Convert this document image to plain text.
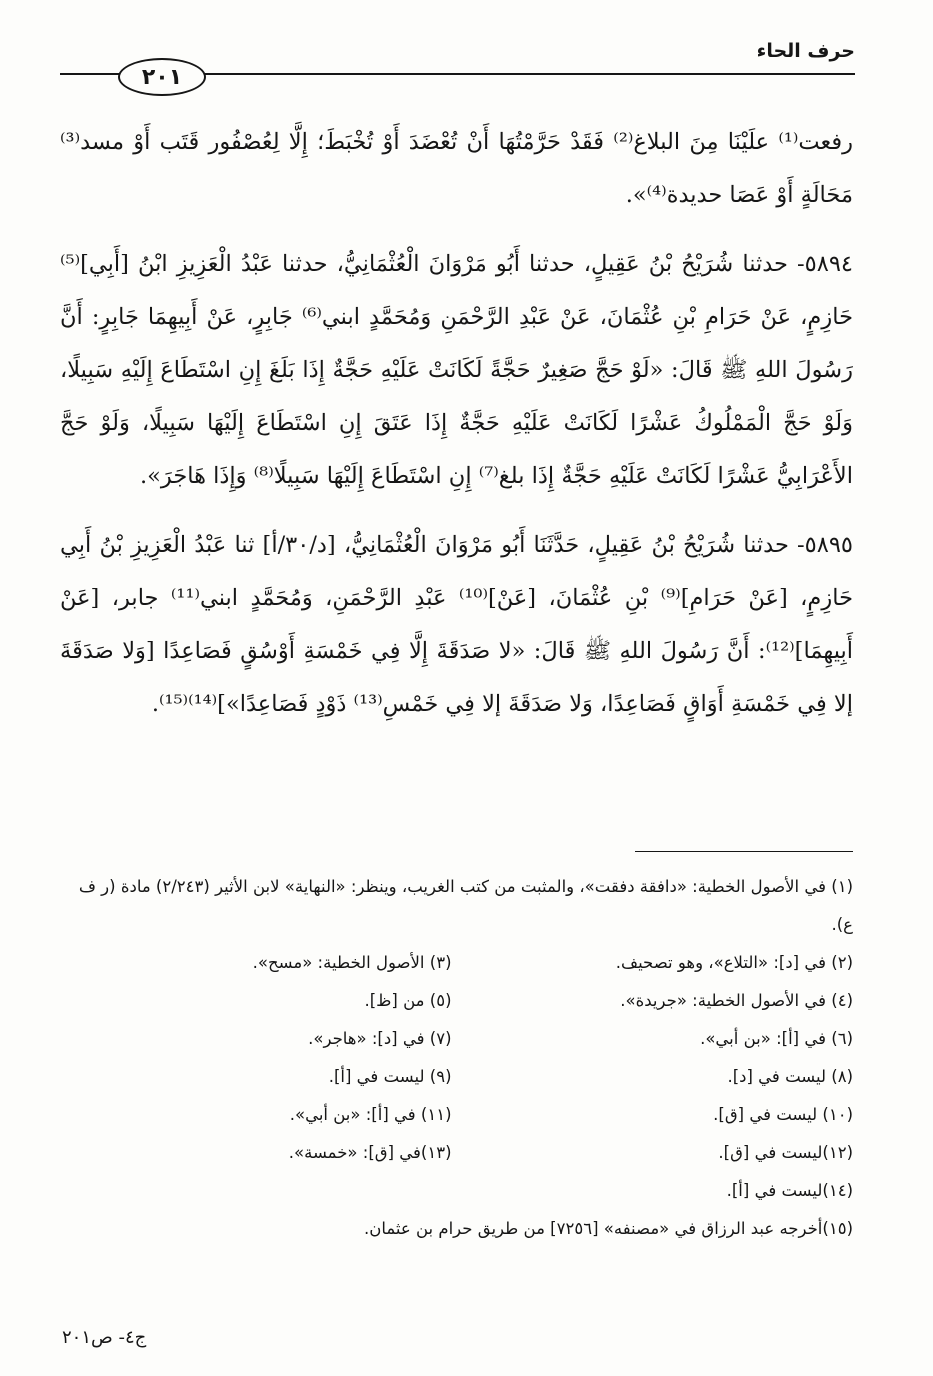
حرف الحاء
٢٠١

رفعت⁽¹⁾ علَيْنَا مِنَ البلاغ⁽²⁾ فَقَدْ حَرَّمْتُهَا أَنْ تُعْضَدَ أَوْ تُخْبَطَ؛ إِلَّا لِعُصْفُور قَتَب أَوْ مسد⁽³⁾ مَحَالَةٍ أَوْ عَصَا حديدة⁽⁴⁾».

٥٨٩٤- حدثنا شُرَيْحُ بْنُ عَقِيلٍ، حدثنا أَبُو مَرْوَانَ الْعُثْمَانِيُّ، حدثنا عَبْدُ الْعَزِيزِ ابْنُ [أَبِي]⁽⁵⁾ حَازِمٍ، عَنْ حَرَامِ بْنِ عُثْمَانَ، عَنْ عَبْدِ الرَّحْمَنِ وَمُحَمَّدٍ ابني⁽⁶⁾ جَابِرٍ، عَنْ أَبِيهِمَا جَابِرٍ: أَنَّ رَسُولَ اللهِ ﷺ قَالَ: «لَوْ حَجَّ صَغِيرٌ حَجَّةً لَكَانَتْ عَلَيْهِ حَجَّةٌ إِذَا بَلَغَ إِنِ اسْتَطَاعَ إِلَيْهِ سَبِيلًا، وَلَوْ حَجَّ الْمَمْلُوكُ عَشْرًا لَكَانَتْ عَلَيْهِ حَجَّةٌ إِذَا عَتَقَ إِنِ اسْتَطَاعَ إِلَيْهَا سَبِيلًا، وَلَوْ حَجَّ الأَعْرَابِيُّ عَشْرًا لَكَانَتْ عَلَيْهِ حَجَّةٌ إِذَا بلغ⁽⁷⁾ إِنِ اسْتَطَاعَ إِلَيْهَا سَبِيلًا⁽⁸⁾ وَإِذَا هَاجَرَ».

٥٨٩٥- حدثنا شُرَيْحُ بْنُ عَقِيلٍ، حَدَّثَنَا أَبُو مَرْوَانَ الْعُثْمَانِيُّ، [د/٣٠/أ] ثنا عَبْدُ الْعَزِيزِ بْنُ أَبِي حَازِمٍ، [عَنْ حَرَامِ]⁽⁹⁾ بْنِ عُثْمَانَ، [عَنْ]⁽¹⁰⁾ عَبْدِ الرَّحْمَنِ، وَمُحَمَّدٍ ابني⁽¹¹⁾ جابر، [عَنْ أَبِيهِمَا]⁽¹²⁾: أَنَّ رَسُولَ اللهِ ﷺ قَالَ: «لا صَدَقَةَ إِلَّا فِي خَمْسَةِ أَوْسُقٍ فَصَاعِدًا [وَلا صَدَقَةَ إلا فِي خَمْسَةِ أَوَاقٍ فَصَاعِدًا، وَلا صَدَقَةَ إلا فِي خَمْسِ⁽¹³⁾ ذَوْدٍ فَصَاعِدًا»]⁽¹⁴⁾⁽¹⁵⁾.

(١) في الأصول الخطية: «دافقة دفقت»، والمثبت من كتب الغريب، وينظر: «النهاية» لابن الأثير (٢/٢٤٣) مادة (ر ف ع).

(٢) في [د]: «التلاع»، وهو تصحيف.
(٣) الأصول الخطية: «مسح».
(٤) في الأصول الخطية: «جريدة».
(٥) من [ظ].
(٦) في [أ]: «بن أبي».
(٧) في [د]: «هاجر».
(٨) ليست في [د].
(٩) ليست في [أ].
(١٠) ليست في [ق].
(١١) في [أ]: «بن أبي».
(١٢)ليست في [ق].
(١٣)في [ق]: «خمسة».
(١٤)ليست في [أ].

(١٥)أخرجه عبد الرزاق في «مصنفه» [٧٢٥٦] من طريق حرام بن عثمان.

ج٤- ص٢٠١
